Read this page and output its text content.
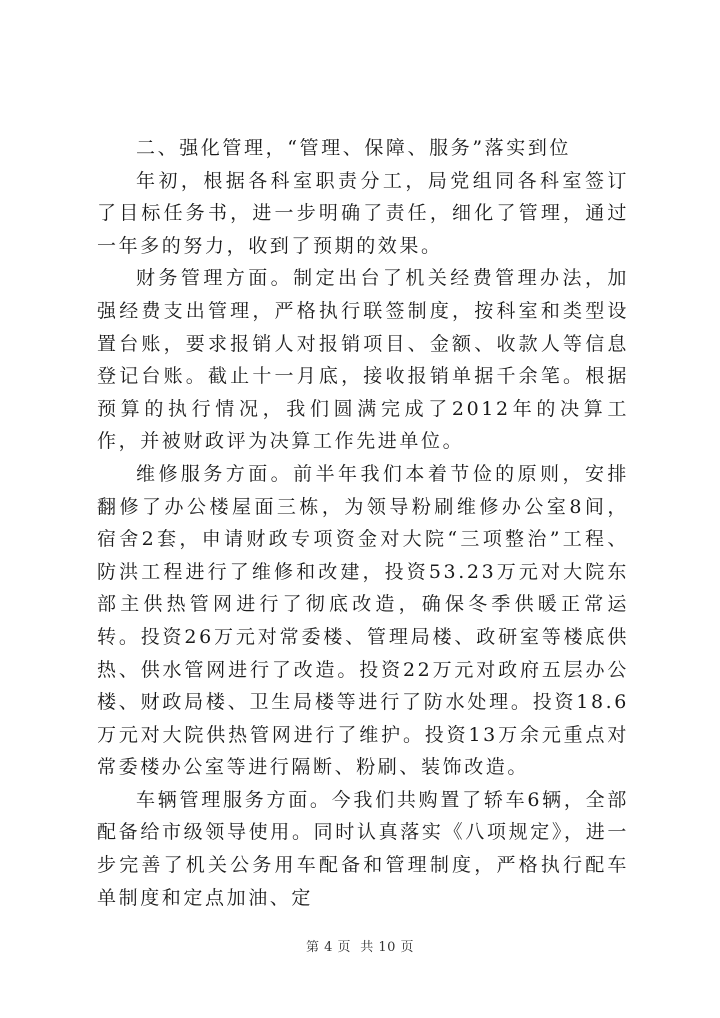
二、强化管理，“管理、保障、服务”落实到位

年初，根据各科室职责分工，局党组同各科室签订了目标任务书，进一步明确了责任，细化了管理，通过一年多的努力，收到了预期的效果。

财务管理方面。制定出台了机关经费管理办法，加强经费支出管理，严格执行联签制度，按科室和类型设置台账，要求报销人对报销项目、金额、收款人等信息登记台账。截止十一月底，接收报销单据千余笔。根据预算的执行情况，我们圆满完成了2012年的决算工作，并被财政评为决算工作先进单位。

维修服务方面。前半年我们本着节俭的原则，安排翻修了办公楼屋面三栋，为领导粉刷维修办公室8间，宿舍2套，申请财政专项资金对大院“三项整治”工程、防洪工程进行了维修和改建，投资53.23万元对大院东部主供热管网进行了彻底改造，确保冬季供暖正常运转。投资26万元对常委楼、管理局楼、政研室等楼底供热、供水管网进行了改造。投资22万元对政府五层办公楼、财政局楼、卫生局楼等进行了防水处理。投资18.6万元对大院供热管网进行了维护。投资13万余元重点对常委楼办公室等进行隔断、粉刷、装饰改造。

车辆管理服务方面。今我们共购置了轿车6辆，全部配备给市级领导使用。同时认真落实《八项规定》，进一步完善了机关公务用车配备和管理制度，严格执行配车单制度和定点加油、定

第 4 页  共 10 页
